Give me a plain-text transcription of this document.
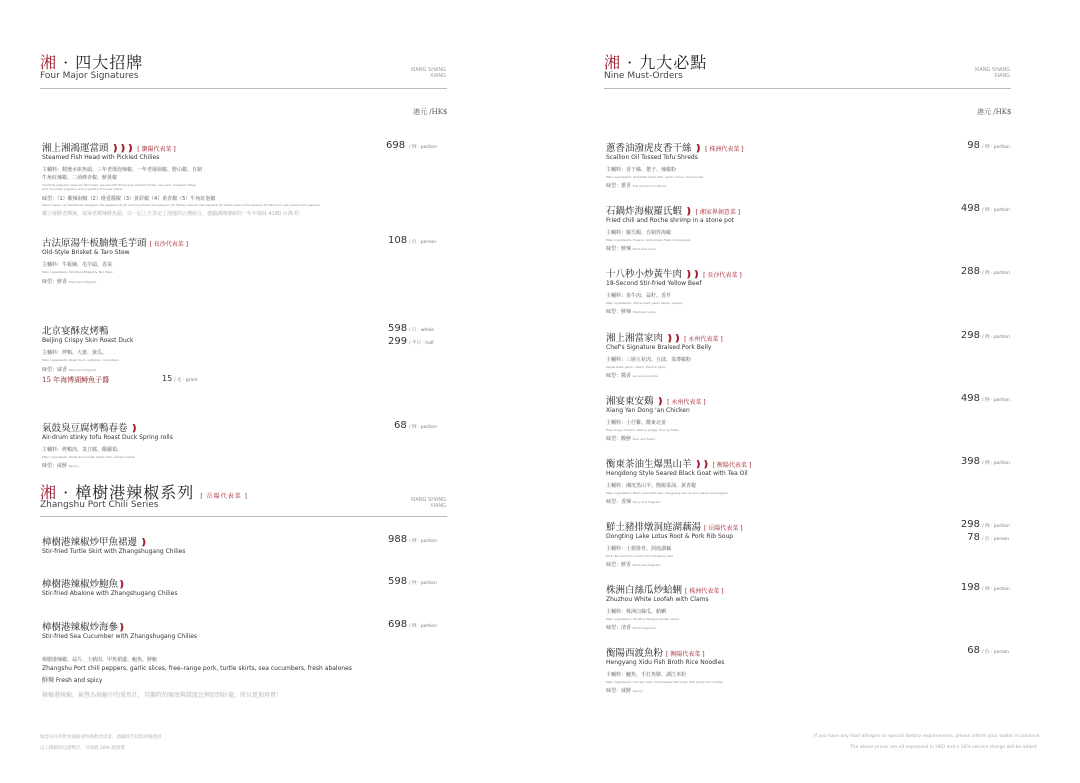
湘 · 四大招牌
Four Major Signatures
XIANG SHANG
XIANG
港元 /HK$
湘上湘鴻運當頭 ❫❫❫ [ 瀏陽代表菜 ]
Steamed Fish Head with Pickled Chilies
主輔料：精選水庫魚頭、三年老壇泡辣椒、一年老壇剁椒、野山椒、自制
牛角紅辣椒、二荊條青椒、鮮黃椒
Carefully selected reservoir fish head, served with three-year pickled chilies, one-year chopped chilies,
wild mountain peppers, and a variety of house chilies
味型：（1）酸辣剁椒（2）燈香醬椒（3）黃彩椒（4）黃青椒（5）牛角紅泡椒
Flavor types: (1) Traditional chopped chili peppers (2) Jar aroma pickled chili peppers (3) Yellow colored chili peppers (4) Yellow-green chili peppers (5) Red horn red pickled chili peppers
獨立發酵老罈辣，每辣老罈辣鮮魚頭，以一記之方蒸定了鴻運的五種組合，盡顯湖湘傳統的一年年風味 4180 台灣 町
698 / 例 · portion
古法原湯牛板腩燉毛芋頭 [ 長沙代表菜 ]
Old-Style Brisket & Taro Stew
主輔料：牛板腩、毛芋頭、香菜
Main ingredients: Old-Style Brisket & Taro Stew
味型：鮮香 Fresh and fragrant
108 / 位 · person
北京宴酥皮烤鴨
Beijing Crispy Skin Roast Duck
主輔料：烤鴨、大蔥、黃瓜、
Main ingredients: Roast duck, scallions, cucumbers
味型：咸香 Salty and fragrant
15 年海博湖鱘魚子醬	15 / 克 · gram
598 / 只 · whole
299 / 半只 · half
氣鼓臭豆腐烤鴨春卷 ❫
Air-drum stinky tofu Roast Duck Spring rolls
主輔料：烤鴨肉、臭豆腐、酸蘿蔔、
Main ingredients: Roast duck meat, stinky tofu, pickled radish
味型：咸鮮 Savory
68 / 例 · portion
湘 · 樟樹港辣椒系列 [ 岳陽代表菜 ]
Zhangshu Port Chili Series	XIANG SHANG
XIANG
樟樹港辣椒炒甲魚裙邊 ❫
Stir-fried Turtle Skirt with Zhangshugang Chilies
988 / 例 · portion
樟樹港辣椒炒鮑魚❫
Stir-fried Abalone with Zhangshugang Chilies
598 / 例 · portion
樟樹港辣椒炒海參❫
Stir-fried Sea Cucumber with Zhangshugang Chilies
698 / 例 · portion
樟樹港辣椒、蒜片、土豬肉、甲魚裙邊、鮑魚、鮮鮑
Zhangshu Port chili peppers, garlic slices, free–range pork, turtle skirts, sea cucumbers, fresh abalones
鮮辣 Fresh and spicy
樟樹港辣椒，被譽為辣椒中的愛馬仕，其獨特的辣度與甜度比例恰到好處，所以更加珍貴！
如您有任何飲食過敏或特殊飲食需求，請隨時告知您的服務員
以上價格均以港幣計，另加收 10% 服務費
湘 · 九大必點
Nine Must-Orders
XIANG SHANG
XIANG
港元 /HK$
蔥香油潑虎皮香干絲 ❫ [ 株洲代表菜 ]
Scallion Oil Tossed Tofu Shreds
主輔料：香干絲、蔥子、辣椒粉
Main ingredients: Shredded dried tofu, garlic cloves, chili powder
味型：蔥香 The aroma of scallions
98 / 例 · portion
石鍋炸海椒羅氏蝦 ❫ [ 湘家界創意菜 ]
Fried chili and Roche shrimp in a stone pot
主輔料：羅氏蝦、自制炸海椒
Main ingredients: Prawns, homemade fried chili peppers
味型：鮮辣 Fresh and spicy
498 / 例 · portion
十八秒小炒黃牛肉 ❫❫ [ 長沙代表菜 ]
18-Second Stir-fried Yellow Beef
主輔料：黃牛肉、蒜籽、香芹
Main ingredients: Yellow beef, garlic seeds, parsley
味型：鮮辣 Fresh and spicy
288 / 例 · portion
湘上湘當家肉 ❫❫ [ 永州代表菜 ]
Chef's Signature Braised Pork Belly
主輔料：三層五花肉、豆豉、菜薄椒粉
Yellow beef, garlic, celery. Fresh & Spicy
味型：醬香 soy sauce aroma
298 / 例 · portion
湘宴東安鷄 ❫ [ 永州代表菜 ]
Xiang Yan Dong 'an Chicken
主輔料：土仔雞、酸東北姜
Free-range chicken, Dalong ginger. Sour & Fresh.
味型：酸鮮 Sour and fresh
498 / 例 · portion
衡東茶油生爆黑山羊 ❫❫ [ 衡陽代表菜 ]
Hengdong Style Seared Black Goat with Tea Oil
主輔料：湘皮黑山羊、衡陽茶油、黃青椒
Main ingredients: Black goat with skin, Hengyang tea oil, and yellow-long pepper
味型：香辣 Spicy and fragrant
398 / 例 · portion
鮮土豬排燉洞庭湖藕湯 [ 岳陽代表菜 ]
Dongting Lake Lotus Root & Pork Rib Soup
主輔料：土猪排骨、洞庭湖藕
Pork ribs and lotus roots from Dongting Lake
味型：鮮香 Fresh and fragrant
298 / 例 · portion
78 / 位 · person
株洲白絲瓜炒蛤蜊 [ 株洲代表菜 ]
Zhuzhou White Loofah with Clams
主輔料：株洲白絲瓜、蛤蜊
Main ingredients: Zhuzhou Baigua noodle, clams
味型：清香 Fresh fragrance
198 / 例 · portion
衡陽西渡魚粉 [ 衡陽代表菜 ]
Hengyang Xidu Fish Broth Rice Noodles
主輔料：鰱魚、手打魚膠、湖江米粉
Main ingredients: Crucian carp, hand-beaten fish maw, Zhu Jiang rice noodles
味型：咸鮮 Savory
68 / 位 · person
If you have any food allergies or special dietary requirements, please inform your waiter in advance
The above prices are all expressed in HKD and a 10% service charge will be added
